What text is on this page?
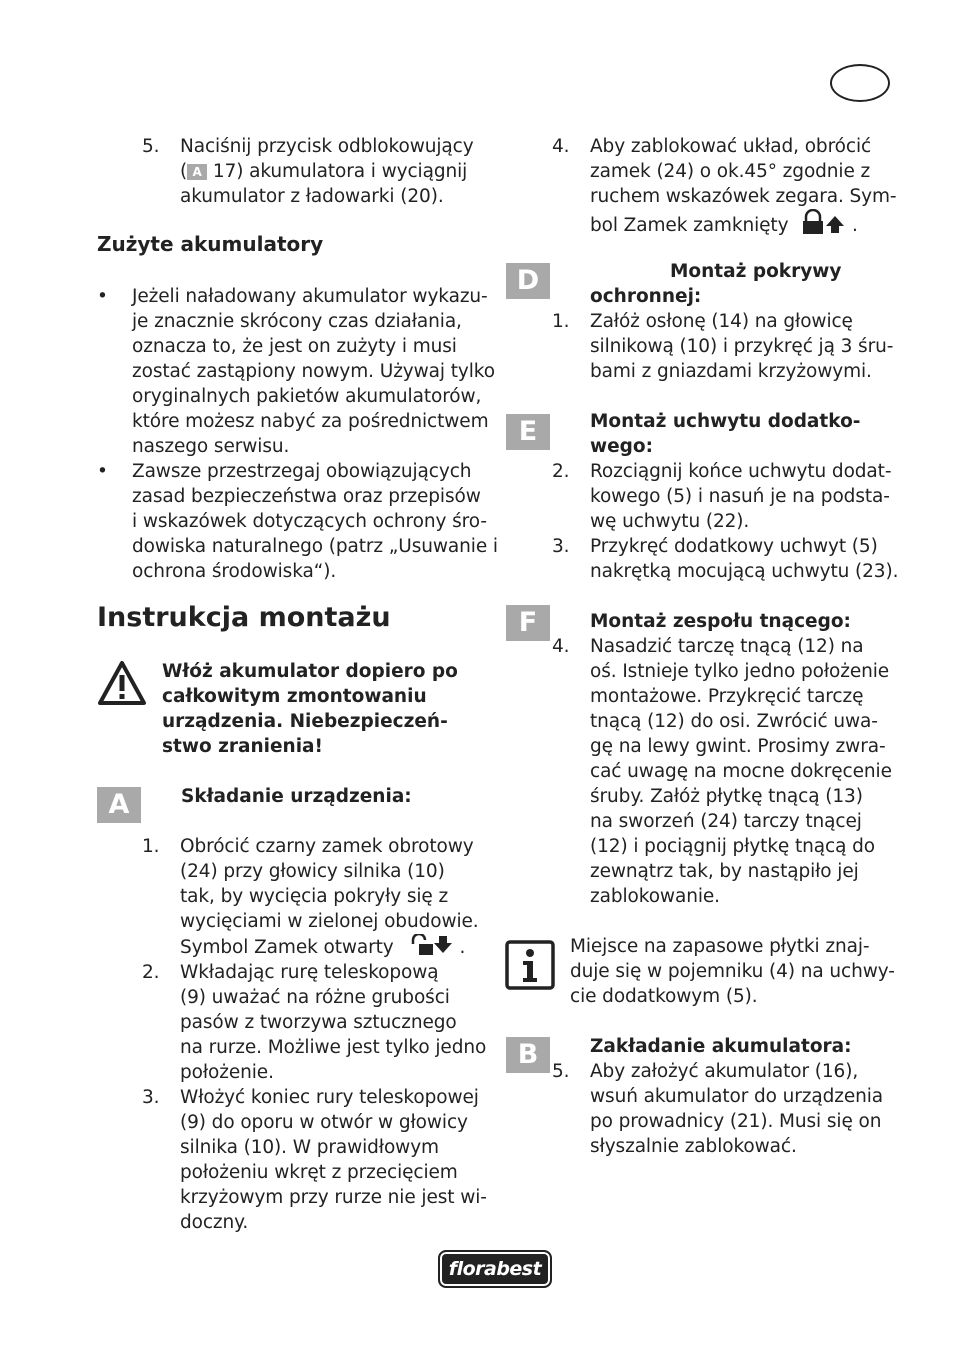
5. Naciśnij przycisk odblokowujący
( A 17) akumulatora i wyciągnij
akumulator z ładowarki (20).
Zużyte akumulatory
• Jeżeli naładowany akumulator wykazu-
je znacznie skrócony czas działania,
oznacza to, że jest on zużyty i musi
zostać zastąpiony nowym. Używaj tylko
oryginalnych pakietów akumulatorów,
które możesz nabyć za pośrednictwem
naszego serwisu.
• Zawsze przestrzegaj obowiązujących
zasad bezpieczeństwa oraz przepisów
i wskazówek dotyczących ochrony śro-
dowiska naturalnego (patrz „Usuwanie i
ochrona środowiska“).
Instrukcja montażu
Włóż akumulator dopiero po
całkowitym zmontowaniu
urządzenia. Niebezpieczeń-
stwo zranienia!
A	Składanie urządzenia:
1. Obrócić czarny zamek obrotowy
(24) przy głowicy silnika (10)
tak, by wycięcia pokryły się z
wycięciami w zielonej obudowie.
Symbol Zamek otwarty	.
2. Wkładając rurę teleskopową
(9) uważać na różne grubości
pasów z tworzywa sztucznego
na rurze. Możliwe jest tylko jedno
położenie.
3. Włożyć koniec rury teleskopowej
(9) do oporu w otwór w głowicy
silnika (10). W prawidłowym
położeniu wkręt z przecięciem
krzyżowym przy rurze nie jest wi-
doczny.
4. Aby zablokować układ, obrócić
zamek (24) o ok.45° zgodnie z
ruchem wskazówek zegara. Sym-
bol Zamek zamknięty	.
D	Montaż pokrywy
ochronnej:
1. Załóż osłonę (14) na głowicę
silnikową (10) i przykręć ją 3 śru-
bami z gniazdami krzyżowymi.
E	Montaż uchwytu dodatko-
wego:
2. Rozciągnij końce uchwytu dodat-
kowego (5) i nasuń je na podsta-
wę uchwytu (22).
3. Przykręć dodatkowy uchwyt (5)
nakrętką mocującą uchwytu (23).
F	Montaż zespołu tnącego:
4. Nasadzić tarczę tnącą (12) na
oś. Istnieje tylko jedno położenie
montażowe. Przykręcić tarczę
tnącą (12) do osi. Zwrócić uwa-
gę na lewy gwint. Prosimy zwra-
cać uwagę na mocne dokręcenie
śruby. Załóż płytkę tnącą (13)
na sworzeń (24) tarczy tnącej
(12) i pociągnij płytkę tnącą do
zewnątrz tak, by nastąpiło jej
zablokowanie.
Miejsce na zapasowe płytki znaj-
duje się w pojemniku (4) na uchwy-
cie dodatkowym (5).
B	Zakładanie akumulatora:
5. Aby założyć akumulator (16),
wsuń akumulator do urządzenia
po prowadnicy (21). Musi się on
słyszalnie zablokować.
florabest
